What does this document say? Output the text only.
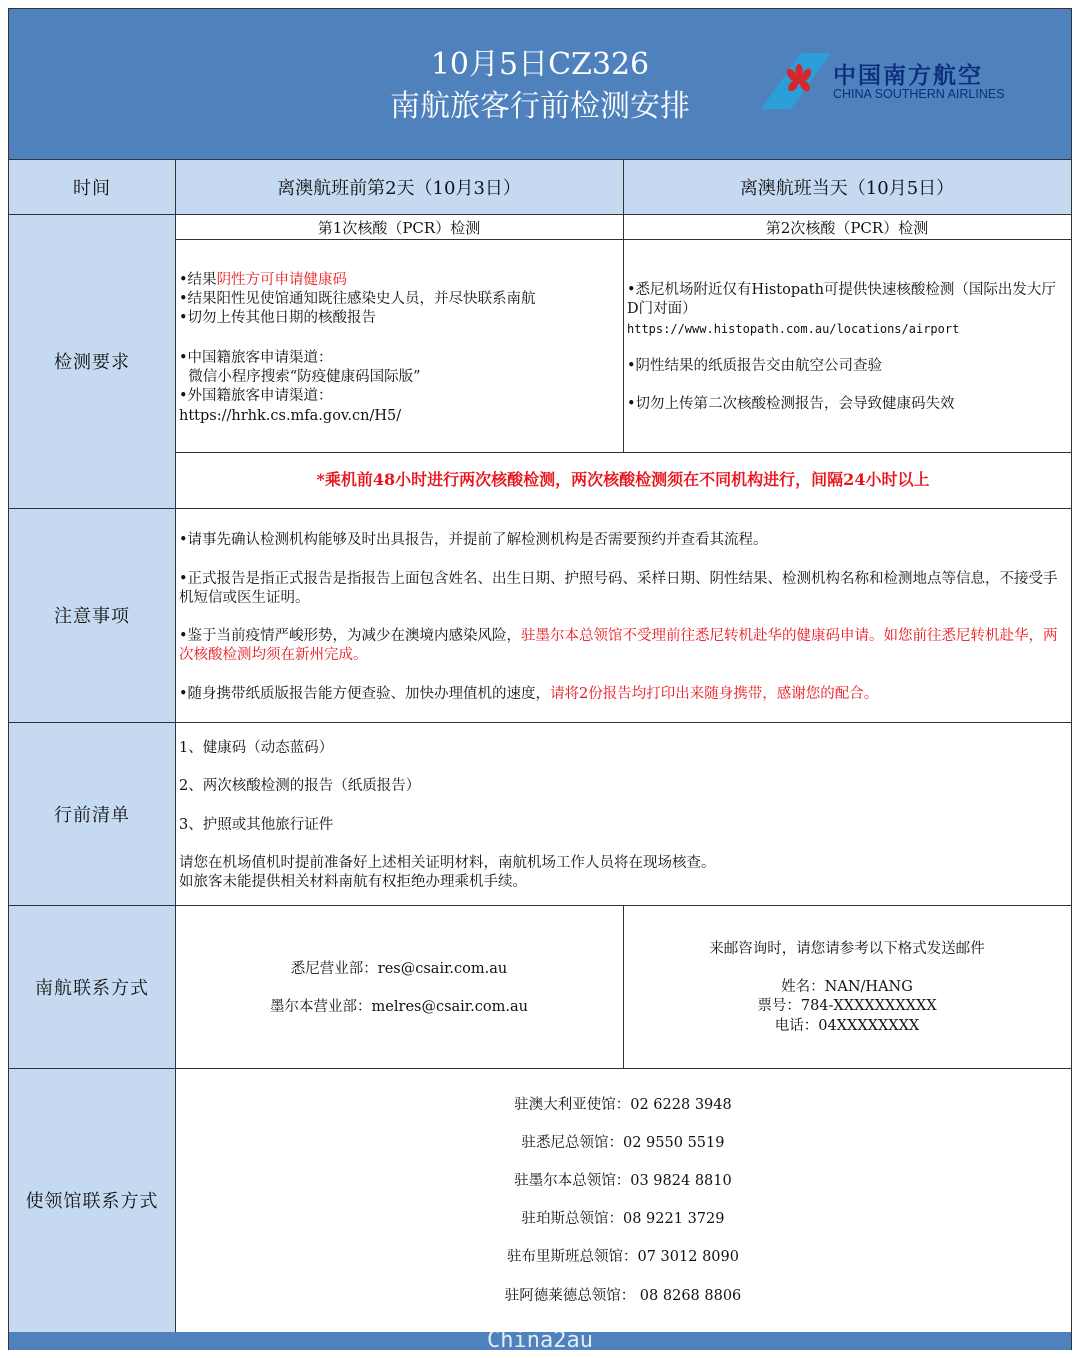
10月5日CZ326
南航旅客行前检测安排
中国南方航空
CHINA SOUTHERN AIRLINES
时间
检测要求
注意事项
行前清单
南航联系方式
使领馆联系方式
离澳航班前第2天（10月3日）	离澳航班当天（10月5日）
第1次核酸（PCR）检测	第2次核酸（PCR）检测
•结果阴性方可申请健康码
•结果阳性见使馆通知既往感染史人员，并尽快联系南航
•切勿上传其他日期的核酸报告
•中国籍旅客申请渠道：
微信小程序搜索“防疫健康码国际版”
•外国籍旅客申请渠道：
https://hrhk.cs.mfa.gov.cn/H5/
•悉尼机场附近仅有Histopath可提供快速核酸检测（国际出发大厅D门对面）
https://www.histopath.com.au/locations/airport
•阴性结果的纸质报告交由航空公司查验
•切勿上传第二次核酸检测报告，会导致健康码失效
*乘机前48小时进行两次核酸检测，两次核酸检测须在不同机构进行，间隔24小时以上
•请事先确认检测机构能够及时出具报告，并提前了解检测机构是否需要预约并查看其流程。
•正式报告是指正式报告是指报告上面包含姓名、出生日期、护照号码、采样日期、阴性结果、检测机构名称和检测地点等信息，不接受手机短信或医生证明。
•鉴于当前疫情严峻形势，为减少在澳境内感染风险，驻墨尔本总领馆不受理前往悉尼转机赴华的健康码申请。如您前往悉尼转机赴华，两次核酸检测均须在新州完成。
•随身携带纸质版报告能方便查验、加快办理值机的速度，请将2份报告均打印出来随身携带，感谢您的配合。
1、健康码（动态蓝码）
2、两次核酸检测的报告（纸质报告）
3、护照或其他旅行证件
请您在机场值机时提前准备好上述相关证明材料，南航机场工作人员将在现场核查。
如旅客未能提供相关材料南航有权拒绝办理乘机手续。
悉尼营业部：res@csair.com.au
墨尔本营业部：melres@csair.com.au
来邮咨询时，请您请参考以下格式发送邮件
姓名：NAN/HANG
票号：784-XXXXXXXXXX
电话：04XXXXXXXX
驻澳大利亚使馆：02 6228 3948
驻悉尼总领馆：02 9550 5519
驻墨尔本总领馆：03 9824 8810
驻珀斯总领馆：08 9221 3729
驻布里斯班总领馆：07 3012 8090
驻阿德莱德总领馆： 08 8268 8806
China2au
